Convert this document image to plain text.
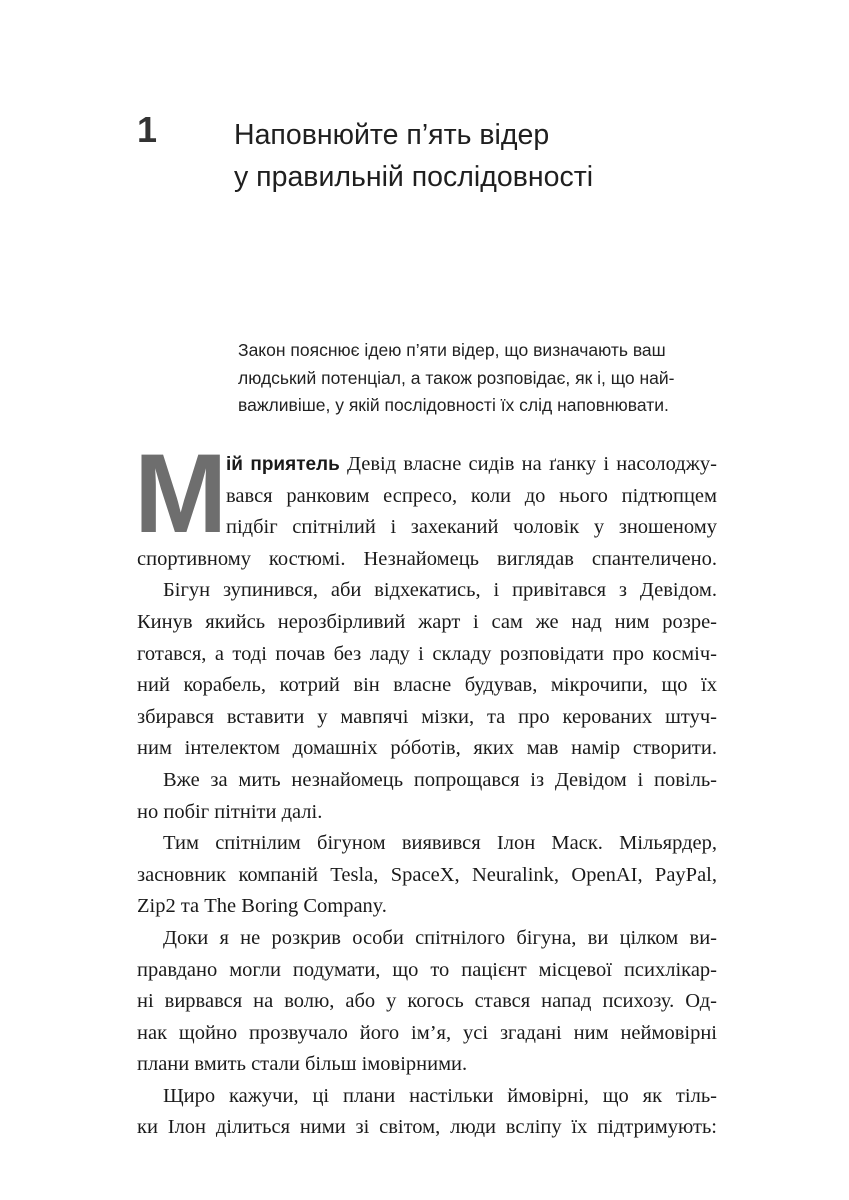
1	Наповнюйте п’ять відер
у правильній послідовності

Закон пояснює ідею п’яти відер, що визначають ваш
людський потенціал, а також розповідає, як і, що най-
важливіше, у якій послідовності їх слід наповнювати.

М ій приятель Девід власне сидів на ґанку і насолоджу-
вався ранковим еспресо, коли до нього підтюпцем
підбіг спітнілий і захеканий чоловік у зношеному
спортивному костюмі. Незнайомець виглядав спантеличено.
Бігун зупинився, аби відхекатись, і привітався з Девідом.
Кинув якийсь нерозбірливий жарт і сам же над ним розре-
готався, а тоді почав без ладу і складу розповідати про косміч-
ний корабель, котрий він власне будував, мікрочипи, що їх
збирався вставити у мавпячі мізки, та про керованих штуч-
ним інтелектом домашніх рóботів, яких мав намір створити.
Вже за мить незнайомець попрощався із Девідом і повіль-
но побіг пітніти далі.
Тим спітнілим бігуном виявився Ілон Маск. Мільярдер,
засновник компаній Tesla, SpaceX, Neuralink, OpenAI, PayPal,
Zip2 та The Boring Company.
Доки я не розкрив особи спітнілого бігуна, ви цілком ви-
правдано могли подумати, що то пацієнт місцевої психлікар-
ні вирвався на волю, або у когось стався напад психозу. Од-
нак щойно прозвучало його ім’я, усі згадані ним неймовірні
плани вмить стали більш імовірними.
Щиро кажучи, ці плани настільки ймовірні, що як тіль-
ки Ілон ділиться ними зі світом, люди всліпу їх підтримують:
